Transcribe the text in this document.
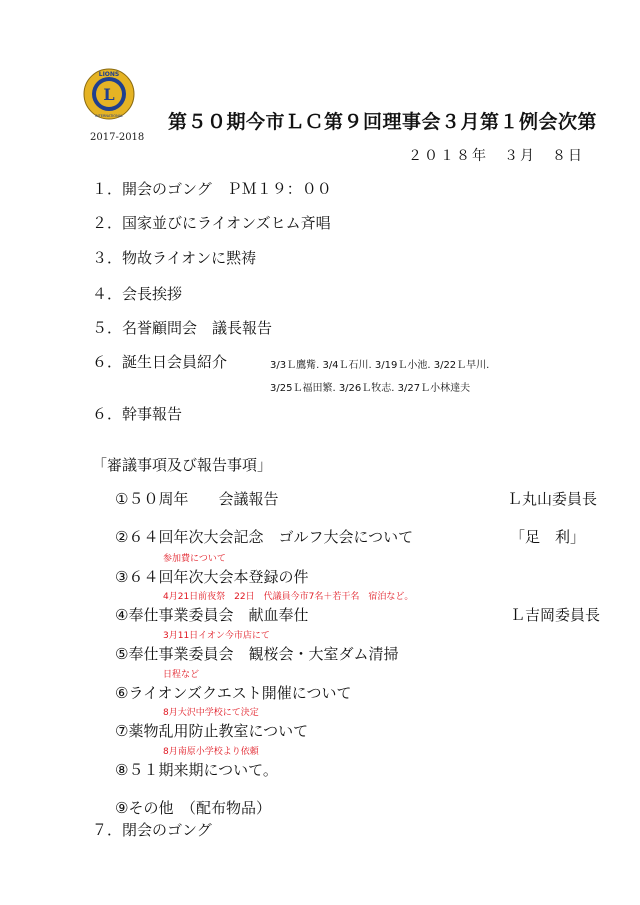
L
LIONS
INTERNATIONAL
2017-2018
第５０期今市ＬＣ第９回理事会３月第１例会次第
２０１８年　３月　８日
１．開会のゴング　ＰＭ１９：００
２．国家並びにライオンズヒム斉唱
３．物故ライオンに黙祷
４．会長挨拶
５．名誉顧問会　議長報告
６．誕生日会員紹介	3/3Ｌ鷹觜. 3/4Ｌ石川. 3/19Ｌ小池. 3/22Ｌ早川.
3/25Ｌ福田繁. 3/26Ｌ牧志. 3/27Ｌ小林達夫
６．幹事報告
「審議事項及び報告事項」
①５０周年　　会議報告	Ｌ丸山委員長
②６４回年次大会記念　ゴルフ大会について	「足　利」
参加費について
③６４回年次大会本登録の件
4月21日前夜祭　22日　代議員今市7名＋若干名　宿泊など。
④奉仕事業委員会　献血奉仕	Ｌ吉岡委員長
3月11日イオン今市店にて
⑤奉仕事業委員会　観桜会・大室ダム清掃
日程など
⑥ライオンズクエスト開催について
8月大沢中学校にて決定
⑦薬物乱用防止教室について
8月南原小学校より依頼
⑧５１期来期について。
⑨その他　（配布物品）
７．閉会のゴング
